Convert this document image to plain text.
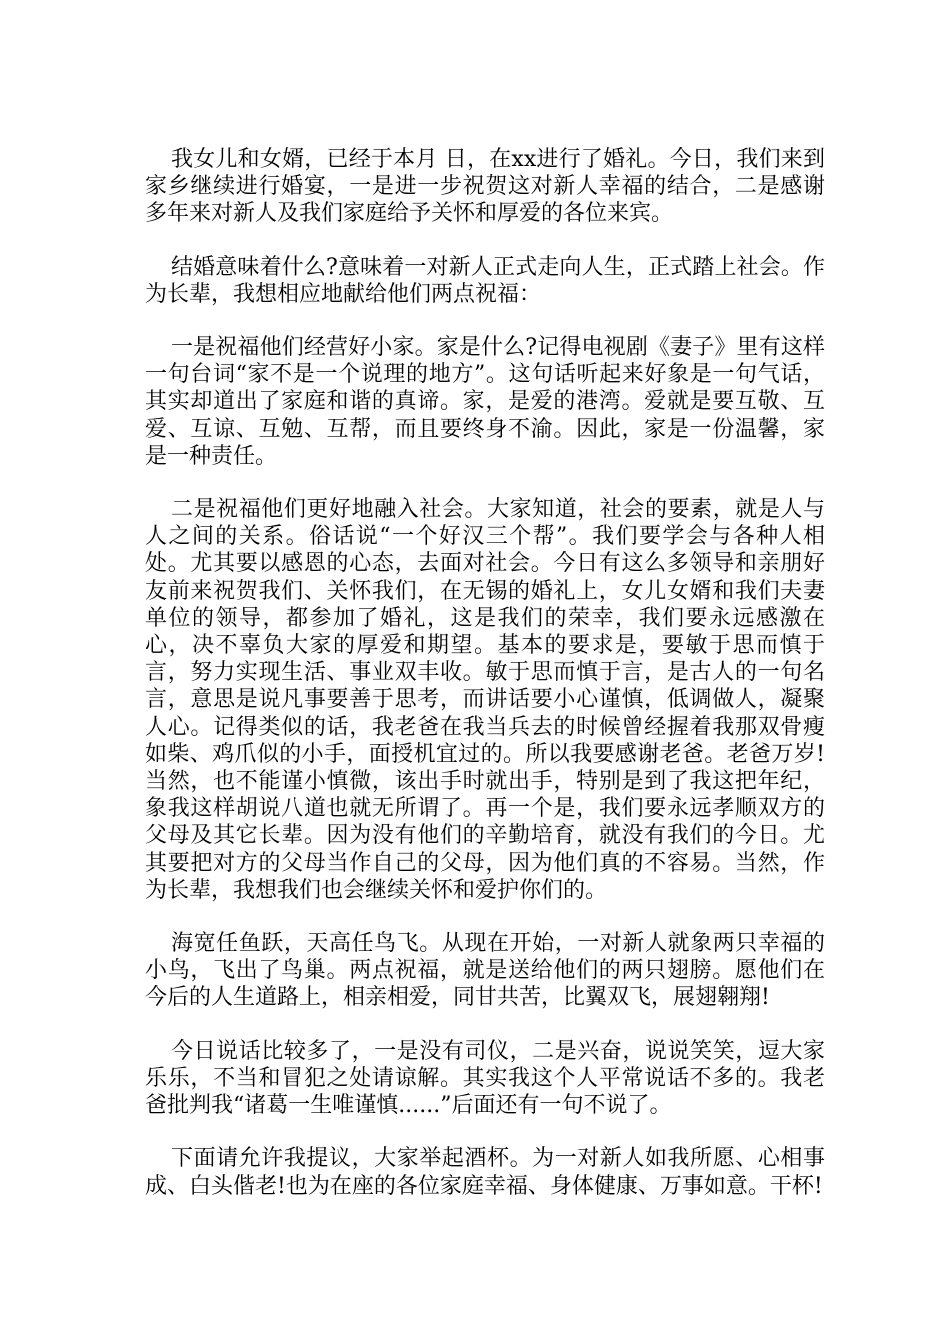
我女儿和女婿，已经于本月 日，在xx进行了婚礼。今日，我们来到家乡继续进行婚宴，一是进一步祝贺这对新人幸福的结合，二是感谢多年来对新人及我们家庭给予关怀和厚爱的各位来宾。

结婚意味着什么?意味着一对新人正式走向人生，正式踏上社会。作为长辈，我想相应地献给他们两点祝福：

一是祝福他们经营好小家。家是什么?记得电视剧《妻子》里有这样一句台词“家不是一个说理的地方”。这句话听起来好象是一句气话，其实却道出了家庭和谐的真谛。家，是爱的港湾。爱就是要互敬、互爱、互谅、互勉、互帮，而且要终身不渝。因此，家是一份温馨，家是一种责任。

二是祝福他们更好地融入社会。大家知道，社会的要素，就是人与人之间的关系。俗话说“一个好汉三个帮”。我们要学会与各种人相处。尤其要以感恩的心态，去面对社会。今日有这么多领导和亲朋好友前来祝贺我们、关怀我们，在无锡的婚礼上，女儿女婿和我们夫妻单位的领导，都参加了婚礼，这是我们的荣幸，我们要永远感激在心，决不辜负大家的厚爱和期望。基本的要求是，要敏于思而慎于言，努力实现生活、事业双丰收。敏于思而慎于言，是古人的一句名言，意思是说凡事要善于思考，而讲话要小心谨慎，低调做人，凝聚人心。记得类似的话，我老爸在我当兵去的时候曾经握着我那双骨瘦如柴、鸡爪似的小手，面授机宜过的。所以我要感谢老爸。老爸万岁!当然，也不能谨小慎微，该出手时就出手，特别是到了我这把年纪，象我这样胡说八道也就无所谓了。再一个是，我们要永远孝顺双方的父母及其它长辈。因为没有他们的辛勤培育，就没有我们的今日。尤其要把对方的父母当作自己的父母，因为他们真的不容易。当然，作为长辈，我想我们也会继续关怀和爱护你们的。

海宽任鱼跃，天高任鸟飞。从现在开始，一对新人就象两只幸福的小鸟，飞出了鸟巢。两点祝福，就是送给他们的两只翅膀。愿他们在今后的人生道路上，相亲相爱，同甘共苦，比翼双飞，展翅翱翔!

今日说话比较多了，一是没有司仪，二是兴奋，说说笑笑，逗大家乐乐，不当和冒犯之处请谅解。其实我这个人平常说话不多的。我老爸批判我“诸葛一生唯谨慎......”后面还有一句不说了。

下面请允许我提议，大家举起酒杯。为一对新人如我所愿、心相事成、白头偕老!也为在座的各位家庭幸福、身体健康、万事如意。干杯!
